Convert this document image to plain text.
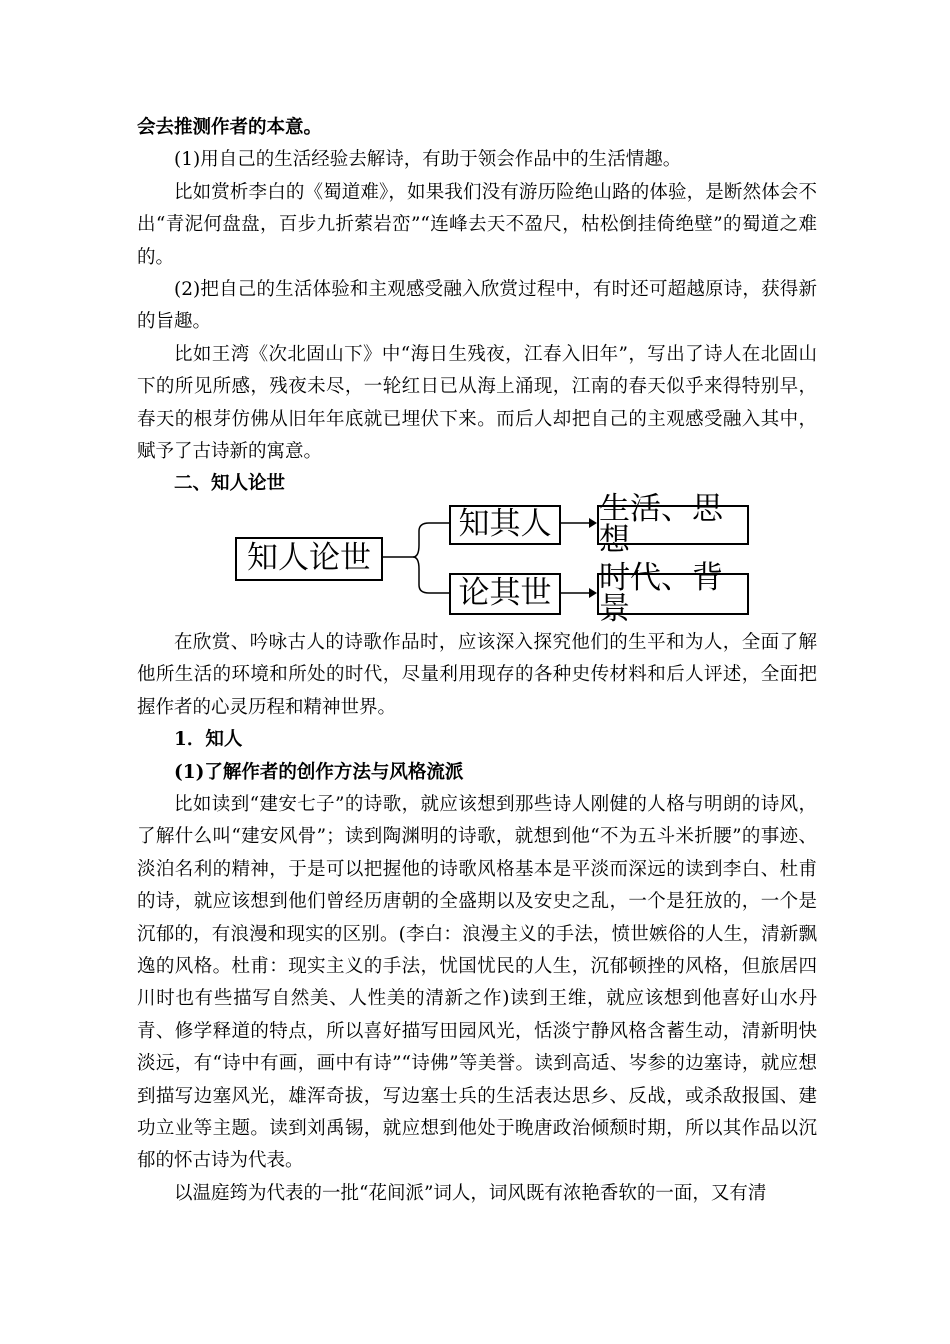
会去推测作者的本意。

(1)用自己的生活经验去解诗，有助于领会作品中的生活情趣。

比如赏析李白的《蜀道难》，如果我们没有游历险绝山路的体验，是断然体会不出“青泥何盘盘，百步九折萦岩峦”“连峰去天不盈尺，枯松倒挂倚绝壁”的蜀道之难的。

(2)把自己的生活体验和主观感受融入欣赏过程中，有时还可超越原诗，获得新的旨趣。

比如王湾《次北固山下》中“海日生残夜，江春入旧年”，写出了诗人在北固山下的所见所感，残夜未尽，一轮红日已从海上涌现，江南的春天似乎来得特别早，春天的根芽仿佛从旧年年底就已埋伏下来。而后人却把自己的主观感受融入其中，赋予了古诗新的寓意。

二、知人论世

知人论世
知其人
论其世
生活、思想
时代、背景

在欣赏、吟咏古人的诗歌作品时，应该深入探究他们的生平和为人，全面了解他所生活的环境和所处的时代，尽量利用现存的各种史传材料和后人评述，全面把握作者的心灵历程和精神世界。

1．知人

(1)了解作者的创作方法与风格流派

比如读到“建安七子”的诗歌，就应该想到那些诗人刚健的人格与明朗的诗风，了解什么叫“建安风骨”；读到陶渊明的诗歌，就想到他“不为五斗米折腰”的事迹、淡泊名利的精神，于是可以把握他的诗歌风格基本是平淡而深远的读到李白、杜甫的诗，就应该想到他们曾经历唐朝的全盛期以及安史之乱，一个是狂放的，一个是沉郁的，有浪漫和现实的区别。(李白：浪漫主义的手法，愤世嫉俗的人生，清新飘逸的风格。杜甫：现实主义的手法，忧国忧民的人生，沉郁顿挫的风格，但旅居四川时也有些描写自然美、人性美的清新之作)读到王维，就应该想到他喜好山水丹青、修学释道的特点，所以喜好描写田园风光，恬淡宁静风格含蓄生动，清新明快淡远，有“诗中有画，画中有诗”“诗佛”等美誉。读到高适、岑参的边塞诗，就应想到描写边塞风光，雄浑奇拔，写边塞士兵的生活表达思乡、反战，或杀敌报国、建功立业等主题。读到刘禹锡，就应想到他处于晚唐政治倾颓时期，所以其作品以沉郁的怀古诗为代表。

以温庭筠为代表的一批“花间派”词人，词风既有浓艳香软的一面，又有清
